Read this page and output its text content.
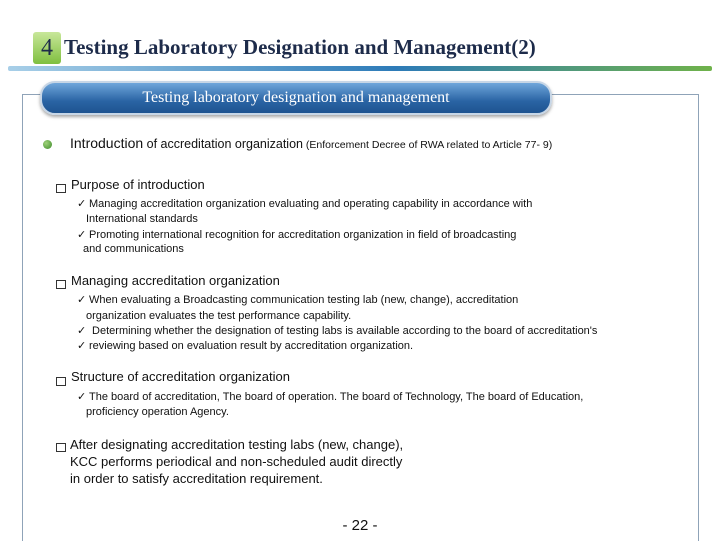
4 Testing Laboratory Designation and Management(2)
Testing laboratory designation and management
Introduction of accreditation organization (Enforcement Decree of RWA related to Article 77- 9)
Purpose of introduction
✓ Managing accreditation organization evaluating and operating capability in accordance with
International standards
✓ Promoting international recognition for accreditation organization in field of broadcasting
and communications
Managing accreditation organization
✓ When evaluating a Broadcasting communication testing lab (new, change), accreditation
organization evaluates the test performance capability.
✓ Determining whether the designation of testing labs is available according to the board of accreditation's
✓ reviewing based on evaluation result by accreditation organization.
Structure of accreditation organization
✓ The board of accreditation, The board of operation. The board of Technology, The board of Education,
proficiency operation Agency.
After designating accreditation testing labs (new, change),
KCC performs periodical and non-scheduled audit directly
in order to satisfy accreditation requirement.
- 22 -
